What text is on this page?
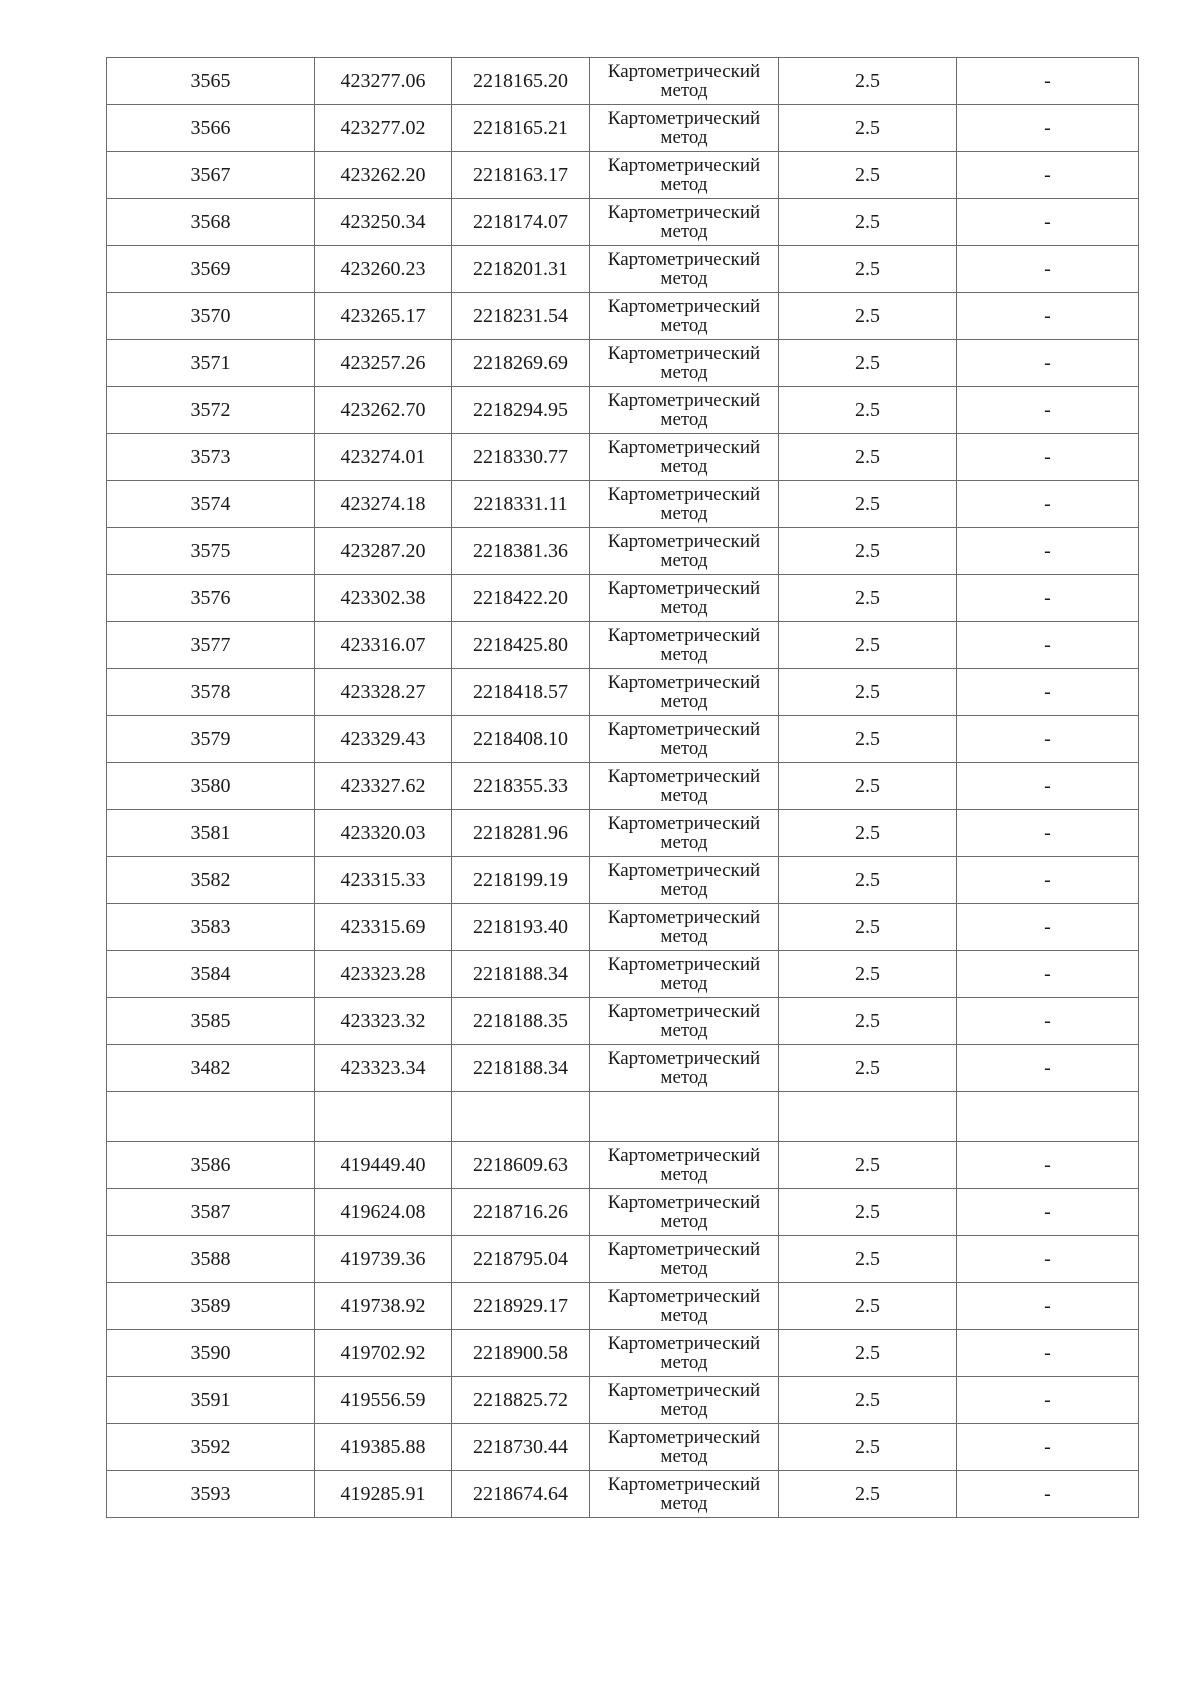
3565	423277.06	2218165.20	Картометрический метод	2.5	-
3566	423277.02	2218165.21	Картометрический метод	2.5	-
3567	423262.20	2218163.17	Картометрический метод	2.5	-
3568	423250.34	2218174.07	Картометрический метод	2.5	-
3569	423260.23	2218201.31	Картометрический метод	2.5	-
3570	423265.17	2218231.54	Картометрический метод	2.5	-
3571	423257.26	2218269.69	Картометрический метод	2.5	-
3572	423262.70	2218294.95	Картометрический метод	2.5	-
3573	423274.01	2218330.77	Картометрический метод	2.5	-
3574	423274.18	2218331.11	Картометрический метод	2.5	-
3575	423287.20	2218381.36	Картометрический метод	2.5	-
3576	423302.38	2218422.20	Картометрический метод	2.5	-
3577	423316.07	2218425.80	Картометрический метод	2.5	-
3578	423328.27	2218418.57	Картометрический метод	2.5	-
3579	423329.43	2218408.10	Картометрический метод	2.5	-
3580	423327.62	2218355.33	Картометрический метод	2.5	-
3581	423320.03	2218281.96	Картометрический метод	2.5	-
3582	423315.33	2218199.19	Картометрический метод	2.5	-
3583	423315.69	2218193.40	Картометрический метод	2.5	-
3584	423323.28	2218188.34	Картометрический метод	2.5	-
3585	423323.32	2218188.35	Картометрический метод	2.5	-
3482	423323.34	2218188.34	Картометрический метод	2.5	-

3586	419449.40	2218609.63	Картометрический метод	2.5	-
3587	419624.08	2218716.26	Картометрический метод	2.5	-
3588	419739.36	2218795.04	Картометрический метод	2.5	-
3589	419738.92	2218929.17	Картометрический метод	2.5	-
3590	419702.92	2218900.58	Картометрический метод	2.5	-
3591	419556.59	2218825.72	Картометрический метод	2.5	-
3592	419385.88	2218730.44	Картометрический метод	2.5	-
3593	419285.91	2218674.64	Картометрический метод	2.5	-
